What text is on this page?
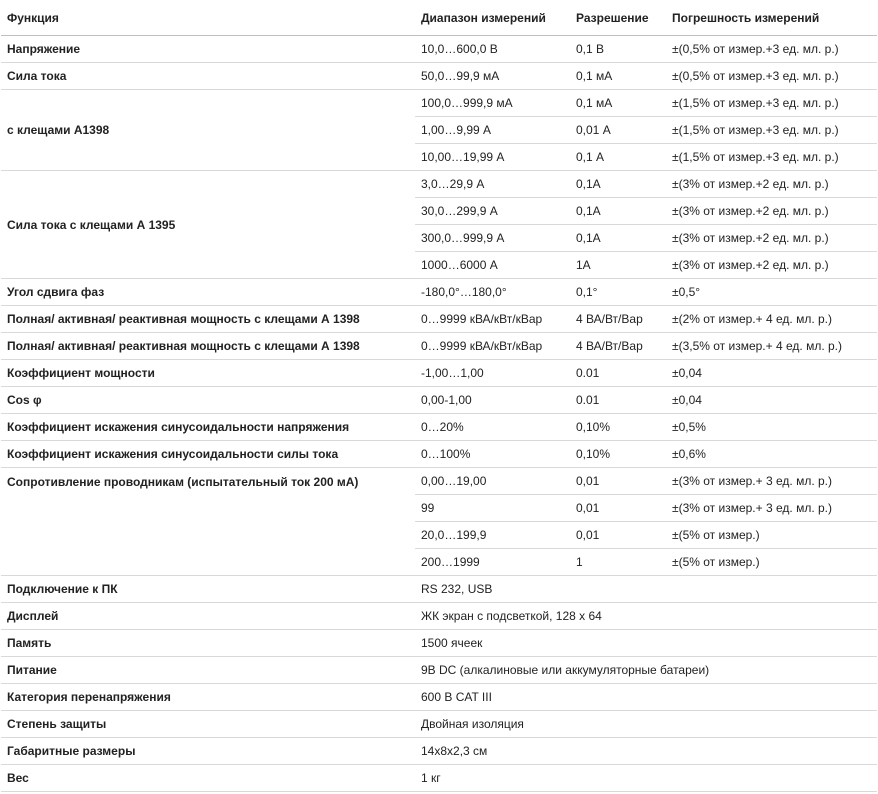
Функция	Диапазон измерений	Разрешение	Погрешность измерений
Напряжение	10,0…600,0 В	0,1 В	±(0,5% от измер.+3 ед. мл. р.)
Сила тока	50,0…99,9 мА	0,1 мА	±(0,5% от измер.+3 ед. мл. р.)
с клещами А1398	100,0…999,9 мА	0,1 мА	±(1,5% от измер.+3 ед. мл. р.)
	1,00…9,99 А	0,01 А	±(1,5% от измер.+3 ед. мл. р.)
	10,00…19,99 А	0,1 А	±(1,5% от измер.+3 ед. мл. р.)
Сила тока с клещами А 1395	3,0…29,9 А	0,1А	±(3% от измер.+2 ед. мл. р.)
	30,0…299,9 А	0,1А	±(3% от измер.+2 ед. мл. р.)
	300,0…999,9 А	0,1А	±(3% от измер.+2 ед. мл. р.)
	1000…6000 А	1А	±(3% от измер.+2 ед. мл. р.)
Угол сдвига фаз	-180,0°…180,0°	0,1°	±0,5°
Полная/ активная/ реактивная мощность с клещами А 1398	0…9999 кВА/кВт/кВар	4 ВА/Вт/Вар	±(2% от измер.+ 4 ед. мл. р.)
Полная/ активная/ реактивная мощность с клещами А 1398	0…9999 кВА/кВт/кВар	4 ВА/Вт/Вар	±(3,5% от измер.+ 4 ед. мл. р.)
Коэффициент мощности	-1,00…1,00	0.01	±0,04
Cos φ	0,00-1,00	0.01	±0,04
Коэффициент искажения синусоидальности напряжения	0…20%	0,10%	±0,5%
Коэффициент искажения синусоидальности силы тока	0…100%	0,10%	±0,6%
Сопротивление проводникам (испытательный ток 200 мА)	0,00…19,00	0,01	±(3% от измер.+ 3 ед. мл. р.)
	99	0,01	±(3% от измер.+ 3 ед. мл. р.)
	20,0…199,9	0,01	±(5% от измер.)
	200…1999	1	±(5% от измер.)
Подключение к ПК	RS 232, USB		
Дисплей	ЖК экран с подсветкой, 128 х 64		
Память	1500 ячеек		
Питание	9В DC (алкалиновые или аккумуляторные батареи)		
Категория перенапряжения	600 В CAT III		
Степень защиты	Двойная изоляция		
Габаритные размеры	14х8х2,3 см		
Вес	1 кг		
